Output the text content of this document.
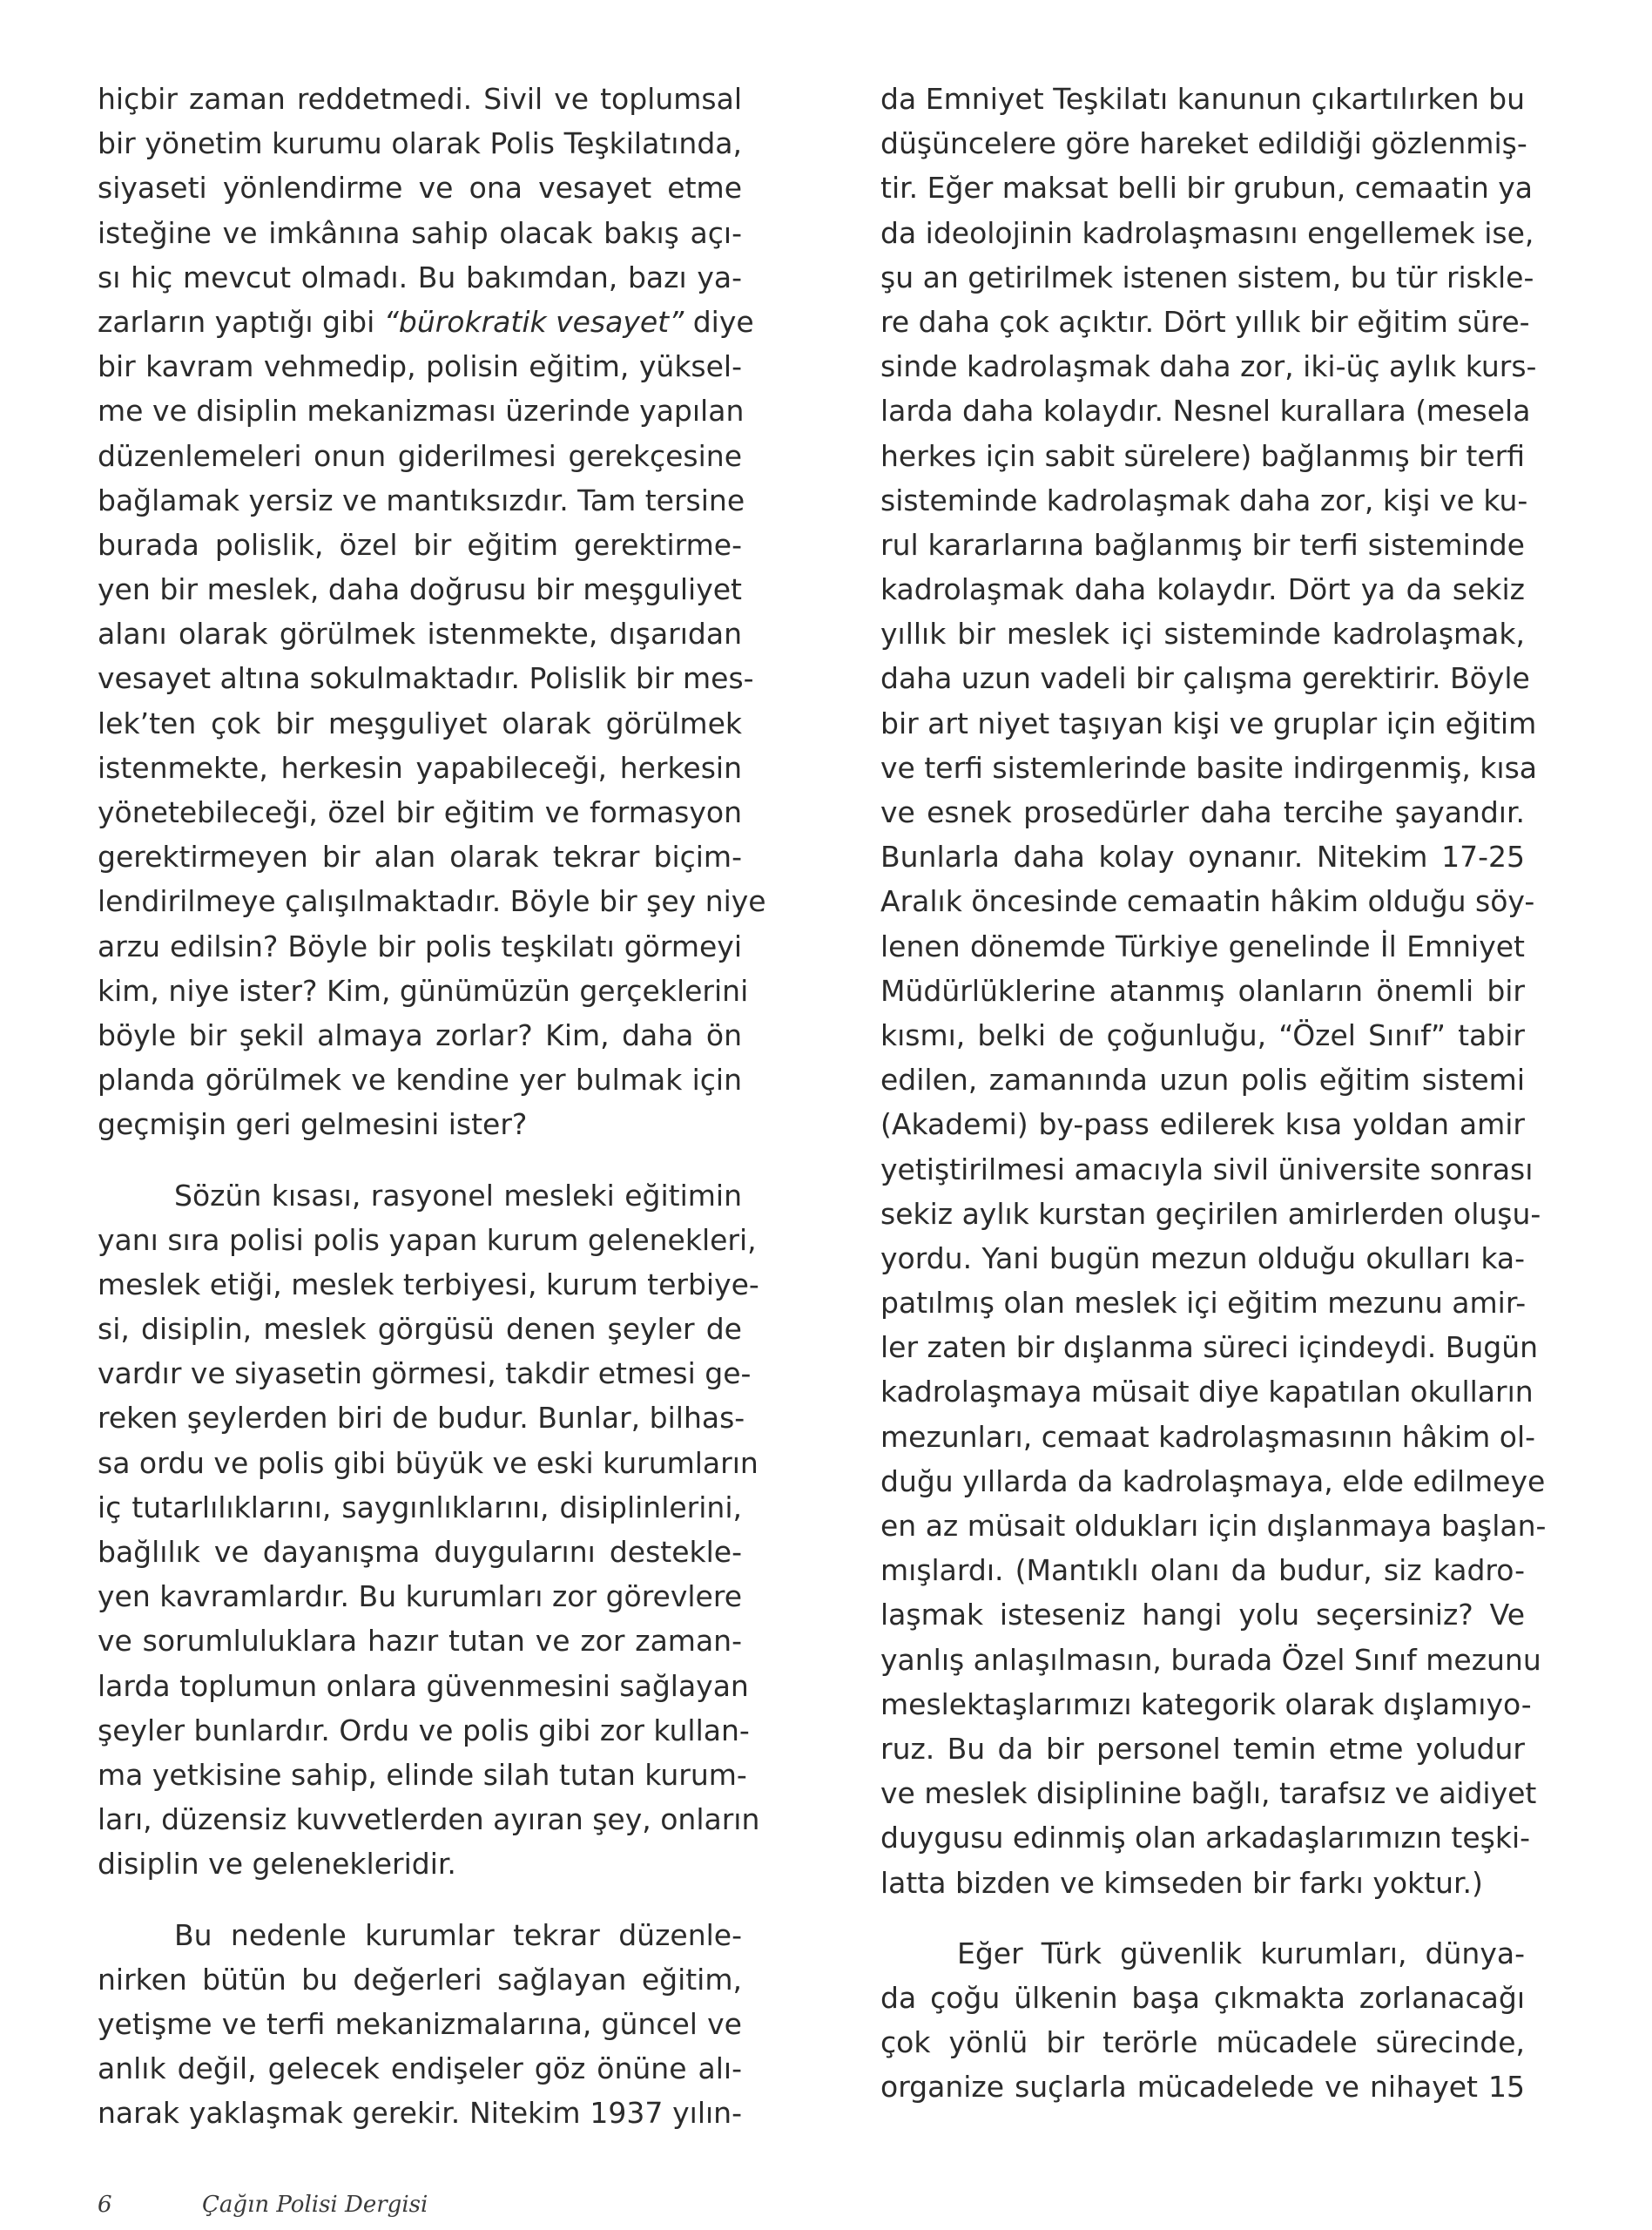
hiçbir zaman reddetmedi. Sivil ve toplumsal
bir yönetim kurumu olarak Polis Teşkilatında,
siyaseti yönlendirme ve ona vesayet etme
isteğine ve imkânına sahip olacak bakış açı-
sı hiç mevcut olmadı. Bu bakımdan, bazı ya-
zarların yaptığı gibi “bürokratik vesayet” diye
bir kavram vehmedip, polisin eğitim, yüksel-
me ve disiplin mekanizması üzerinde yapılan
düzenlemeleri onun giderilmesi gerekçesine
bağlamak yersiz ve mantıksızdır. Tam tersine
burada polislik, özel bir eğitim gerektirme-
yen bir meslek, daha doğrusu bir meşguliyet
alanı olarak görülmek istenmekte, dışarıdan
vesayet altına sokulmaktadır. Polislik bir mes-
lek’ten çok bir meşguliyet olarak görülmek
istenmekte, herkesin yapabileceği, herkesin
yönetebileceği, özel bir eğitim ve formasyon
gerektirmeyen bir alan olarak tekrar biçim-
lendirilmeye çalışılmaktadır. Böyle bir şey niye
arzu edilsin? Böyle bir polis teşkilatı görmeyi
kim, niye ister? Kim, günümüzün gerçeklerini
böyle bir şekil almaya zorlar? Kim, daha ön
planda görülmek ve kendine yer bulmak için
geçmişin geri gelmesini ister?
Sözün kısası, rasyonel mesleki eğitimin
yanı sıra polisi polis yapan kurum gelenekleri,
meslek etiği, meslek terbiyesi, kurum terbiye-
si, disiplin, meslek görgüsü denen şeyler de
vardır ve siyasetin görmesi, takdir etmesi ge-
reken şeylerden biri de budur. Bunlar, bilhas-
sa ordu ve polis gibi büyük ve eski kurumların
iç tutarlılıklarını, saygınlıklarını, disiplinlerini,
bağlılık ve dayanışma duygularını destekle-
yen kavramlardır. Bu kurumları zor görevlere
ve sorumluluklara hazır tutan ve zor zaman-
larda toplumun onlara güvenmesini sağlayan
şeyler bunlardır. Ordu ve polis gibi zor kullan-
ma yetkisine sahip, elinde silah tutan kurum-
ları, düzensiz kuvvetlerden ayıran şey, onların
disiplin ve gelenekleridir.
Bu nedenle kurumlar tekrar düzenle-
nirken bütün bu değerleri sağlayan eğitim,
yetişme ve terfi mekanizmalarına, güncel ve
anlık değil, gelecek endişeler göz önüne alı-
narak yaklaşmak gerekir. Nitekim 1937 yılın-
da Emniyet Teşkilatı kanunun çıkartılırken bu
düşüncelere göre hareket edildiği gözlenmiş-
tir. Eğer maksat belli bir grubun, cemaatin ya
da ideolojinin kadrolaşmasını engellemek ise,
şu an getirilmek istenen sistem, bu tür riskle-
re daha çok açıktır. Dört yıllık bir eğitim süre-
sinde kadrolaşmak daha zor, iki-üç aylık kurs-
larda daha kolaydır. Nesnel kurallara (mesela
herkes için sabit sürelere) bağlanmış bir terfi
sisteminde kadrolaşmak daha zor, kişi ve ku-
rul kararlarına bağlanmış bir terfi sisteminde
kadrolaşmak daha kolaydır. Dört ya da sekiz
yıllık bir meslek içi sisteminde kadrolaşmak,
daha uzun vadeli bir çalışma gerektirir. Böyle
bir art niyet taşıyan kişi ve gruplar için eğitim
ve terfi sistemlerinde basite indirgenmiş, kısa
ve esnek prosedürler daha tercihe şayandır.
Bunlarla daha kolay oynanır. Nitekim 17-25
Aralık öncesinde cemaatin hâkim olduğu söy-
lenen dönemde Türkiye genelinde İl Emniyet
Müdürlüklerine atanmış olanların önemli bir
kısmı, belki de çoğunluğu, “Özel Sınıf” tabir
edilen, zamanında uzun polis eğitim sistemi
(Akademi) by-pass edilerek kısa yoldan amir
yetiştirilmesi amacıyla sivil üniversite sonrası
sekiz aylık kurstan geçirilen amirlerden oluşu-
yordu. Yani bugün mezun olduğu okulları ka-
patılmış olan meslek içi eğitim mezunu amir-
ler zaten bir dışlanma süreci içindeydi. Bugün
kadrolaşmaya müsait diye kapatılan okulların
mezunları, cemaat kadrolaşmasının hâkim ol-
duğu yıllarda da kadrolaşmaya, elde edilmeye
en az müsait oldukları için dışlanmaya başlan-
mışlardı. (Mantıklı olanı da budur, siz kadro-
laşmak isteseniz hangi yolu seçersiniz? Ve
yanlış anlaşılmasın, burada Özel Sınıf mezunu
meslektaşlarımızı kategorik olarak dışlamıyo-
ruz. Bu da bir personel temin etme yoludur
ve meslek disiplinine bağlı, tarafsız ve aidiyet
duygusu edinmiş olan arkadaşlarımızın teşki-
latta bizden ve kimseden bir farkı yoktur.)
Eğer Türk güvenlik kurumları, dünya-
da çoğu ülkenin başa çıkmakta zorlanacağı
çok yönlü bir terörle mücadele sürecinde,
organize suçlarla mücadelede ve nihayet 15
6	Çağın Polisi Dergisi
